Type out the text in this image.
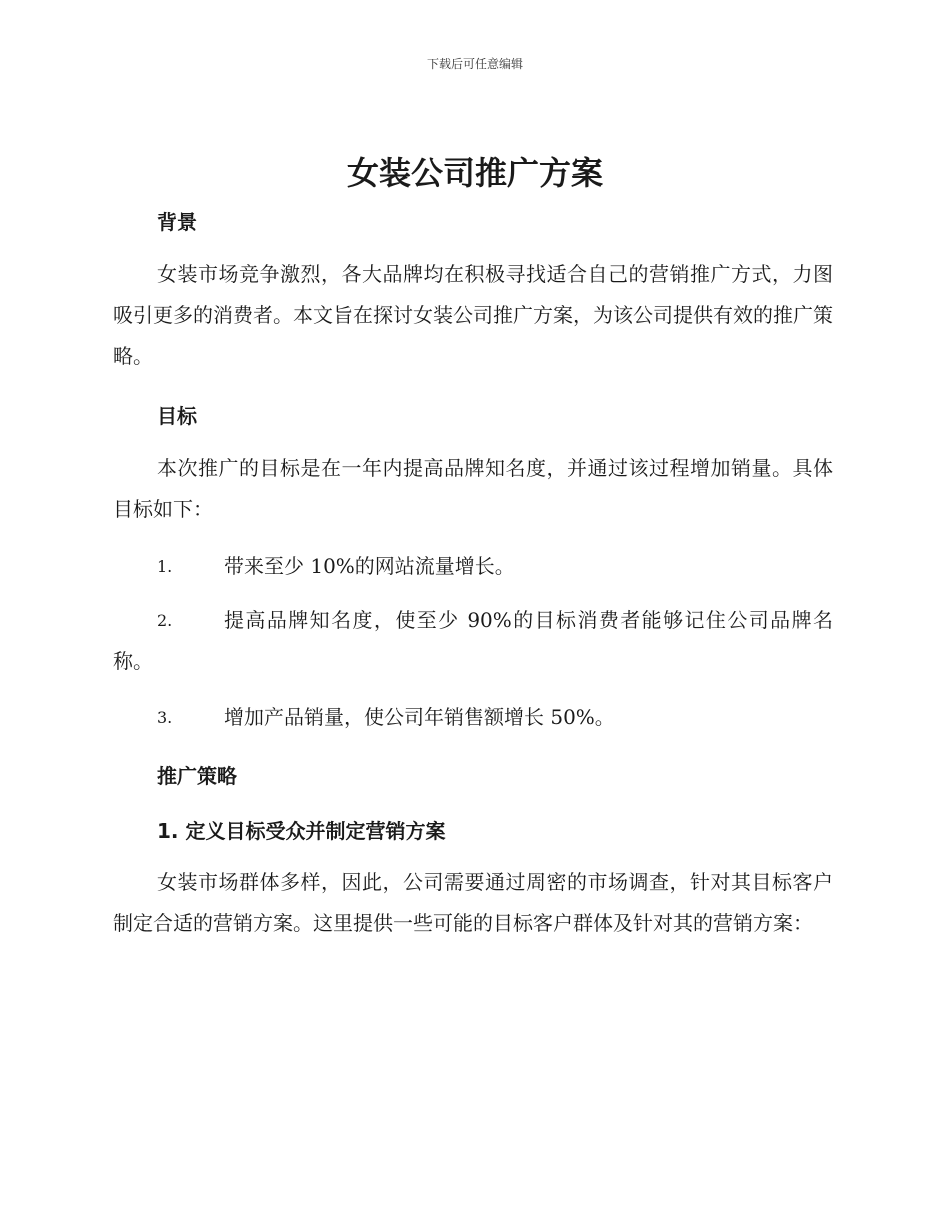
下载后可任意编辑
女装公司推广方案
背景

女装市场竞争激烈，各大品牌均在积极寻找适合自己的营销推广方式，力图吸引更多的消费者。本文旨在探讨女装公司推广方案，为该公司提供有效的推广策略。

目标

本次推广的目标是在一年内提高品牌知名度，并通过该过程增加销量。具体目标如下：

1.	带来至少 10%的网站流量增长。
2.	提高品牌知名度，使至少 90%的目标消费者能够记住公司品牌名称。
3.	增加产品销量，使公司年销售额增长 50%。
推广策略
1. 定义目标受众并制定营销方案

女装市场群体多样，因此，公司需要通过周密的市场调查，针对其目标客户制定合适的营销方案。这里提供一些可能的目标客户群体及针对其的营销方案：
